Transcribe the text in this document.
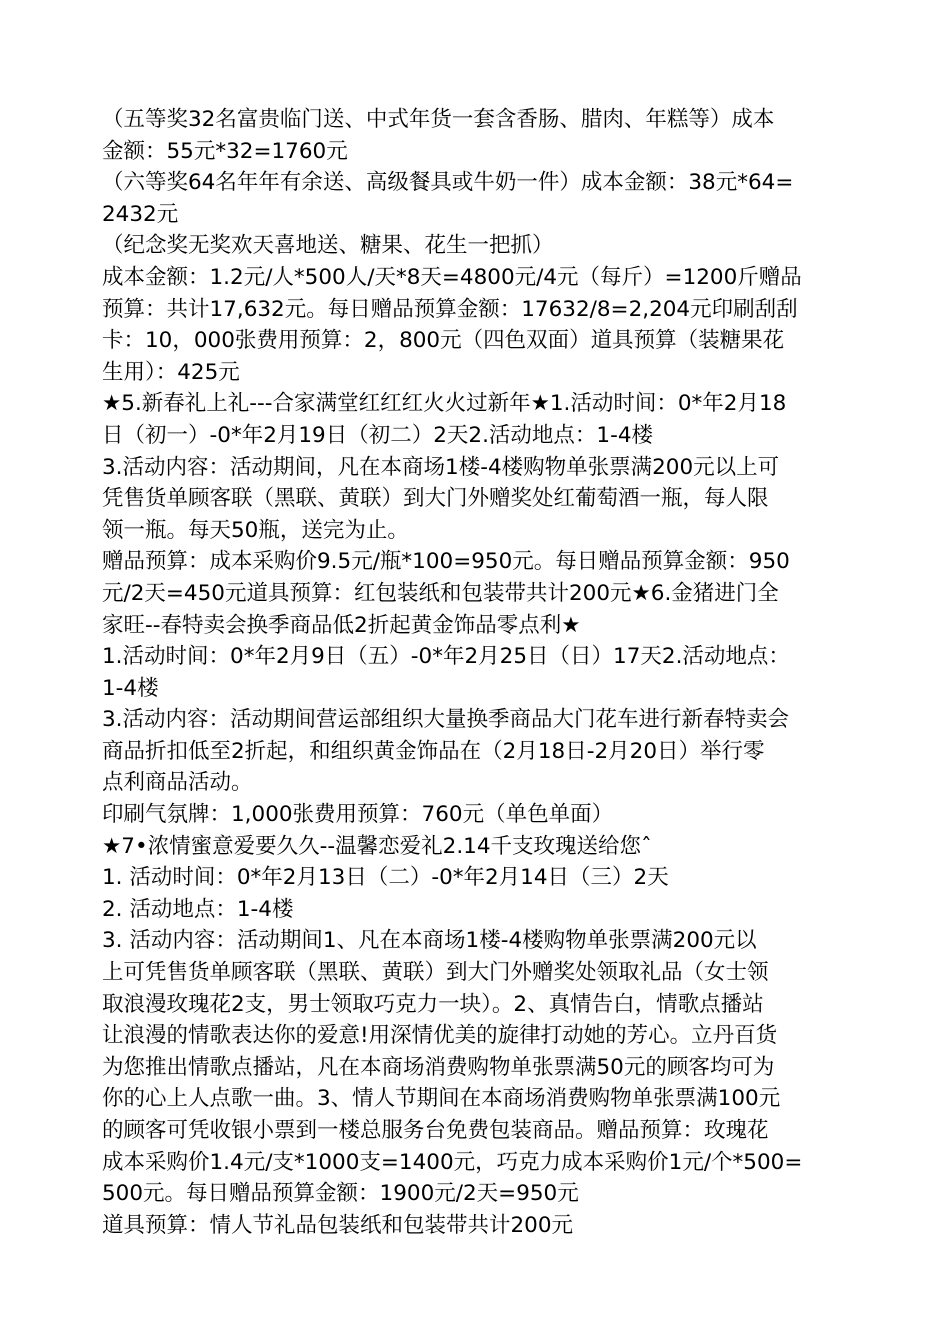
（五等奖32名富贵临门送、中式年货一套含香肠、腊肉、年糕等）成本
金额：55元*32=1760元
（六等奖64名年年有余送、高级餐具或牛奶一件）成本金额：38元*64=
2432元
（纪念奖无奖欢天喜地送、糖果、花生一把抓）
成本金额：1.2元/人*500人/天*8天=4800元/4元（每斤）=1200斤赠品
预算：共计17,632元。每日赠品预算金额：17632/8=2,204元印刷刮刮
卡：10，000张费用预算：2，800元（四色双面）道具预算（装糖果花
生用）：425元
★5.新春礼上礼---合家满堂红红红火火过新年★1.活动时间：0*年2月18
日（初一）-0*年2月19日（初二）2天2.活动地点：1-4楼
3.活动内容：活动期间，凡在本商场1楼-4楼购物单张票满200元以上可
凭售货单顾客联（黑联、黄联）到大门外赠奖处红葡萄酒一瓶，每人限
领一瓶。每天50瓶，送完为止。
赠品预算：成本采购价9.5元/瓶*100=950元。每日赠品预算金额：950
元/2天=450元道具预算：红包装纸和包装带共计200元★6.金猪进门全
家旺--春特卖会换季商品低2折起黄金饰品零点利★
1.活动时间：0*年2月9日（五）-0*年2月25日（日）17天2.活动地点：
1-4楼
3.活动内容：活动期间营运部组织大量换季商品大门花车进行新春特卖会
商品折扣低至2折起，和组织黄金饰品在（2月18日-2月20日）举行零
点利商品活动。
印刷气氛牌：1,000张费用预算：760元（单色单面）
★7•浓情蜜意爱要久久--温馨恋爱礼2.14千支玫瑰送给您ˆ
1. 活动时间：0*年2月13日（二）-0*年2月14日（三）2天
2. 活动地点：1-4楼
3. 活动内容：活动期间1、凡在本商场1楼-4楼购物单张票满200元以
上可凭售货单顾客联（黑联、黄联）到大门外赠奖处领取礼品（女士领
取浪漫玫瑰花2支，男士领取巧克力一块）。2、真情告白，情歌点播站
让浪漫的情歌表达你的爱意!用深情优美的旋律打动她的芳心。立丹百货
为您推出情歌点播站，凡在本商场消费购物单张票满50元的顾客均可为
你的心上人点歌一曲。3、情人节期间在本商场消费购物单张票满100元
的顾客可凭收银小票到一楼总服务台免费包装商品。赠品预算：玫瑰花
成本采购价1.4元/支*1000支=1400元，巧克力成本采购价1元/个*500=
500元。每日赠品预算金额：1900元/2天=950元
道具预算：情人节礼品包装纸和包装带共计200元
